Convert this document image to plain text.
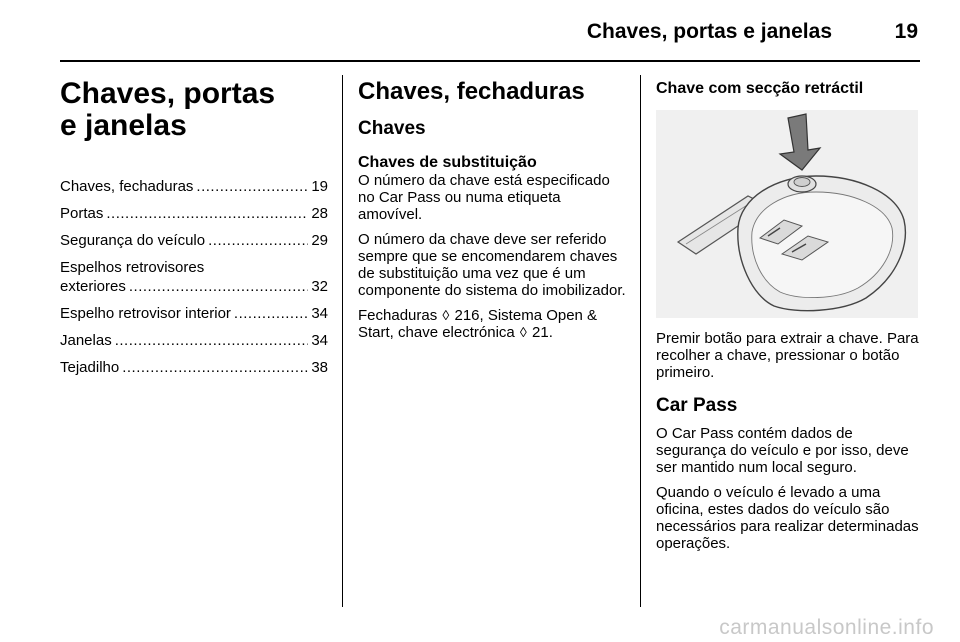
Chaves, portas e janelas	19
Chaves, portas
e janelas
Chaves, fechaduras .....	19
Portas .....	28
Segurança do veículo .....	29
Espelhos retrovisores
exteriores .....	32
Espelho retrovisor interior .....	34
Janelas .....	34
Tejadilho .....	38
Chaves, fechaduras
Chaves
Chaves de substituição

O número da chave está especificado no Car Pass ou numa etiqueta amovível.

O número da chave deve ser referido sempre que se encomendarem chaves de substituição uma vez que é um componente do sistema do imobilizador.

Fechaduras ◊ 216, Sistema Open & Start, chave electrónica ◊ 21.

Chave com secção retráctil

Premir botão para extrair a chave. Para recolher a chave, pressionar o botão primeiro.

Car Pass

O Car Pass contém dados de segurança do veículo e por isso, deve ser mantido num local seguro.

Quando o veículo é levado a uma oficina, estes dados do veículo são necessários para realizar determinadas operações.

carmanualsonline.info
